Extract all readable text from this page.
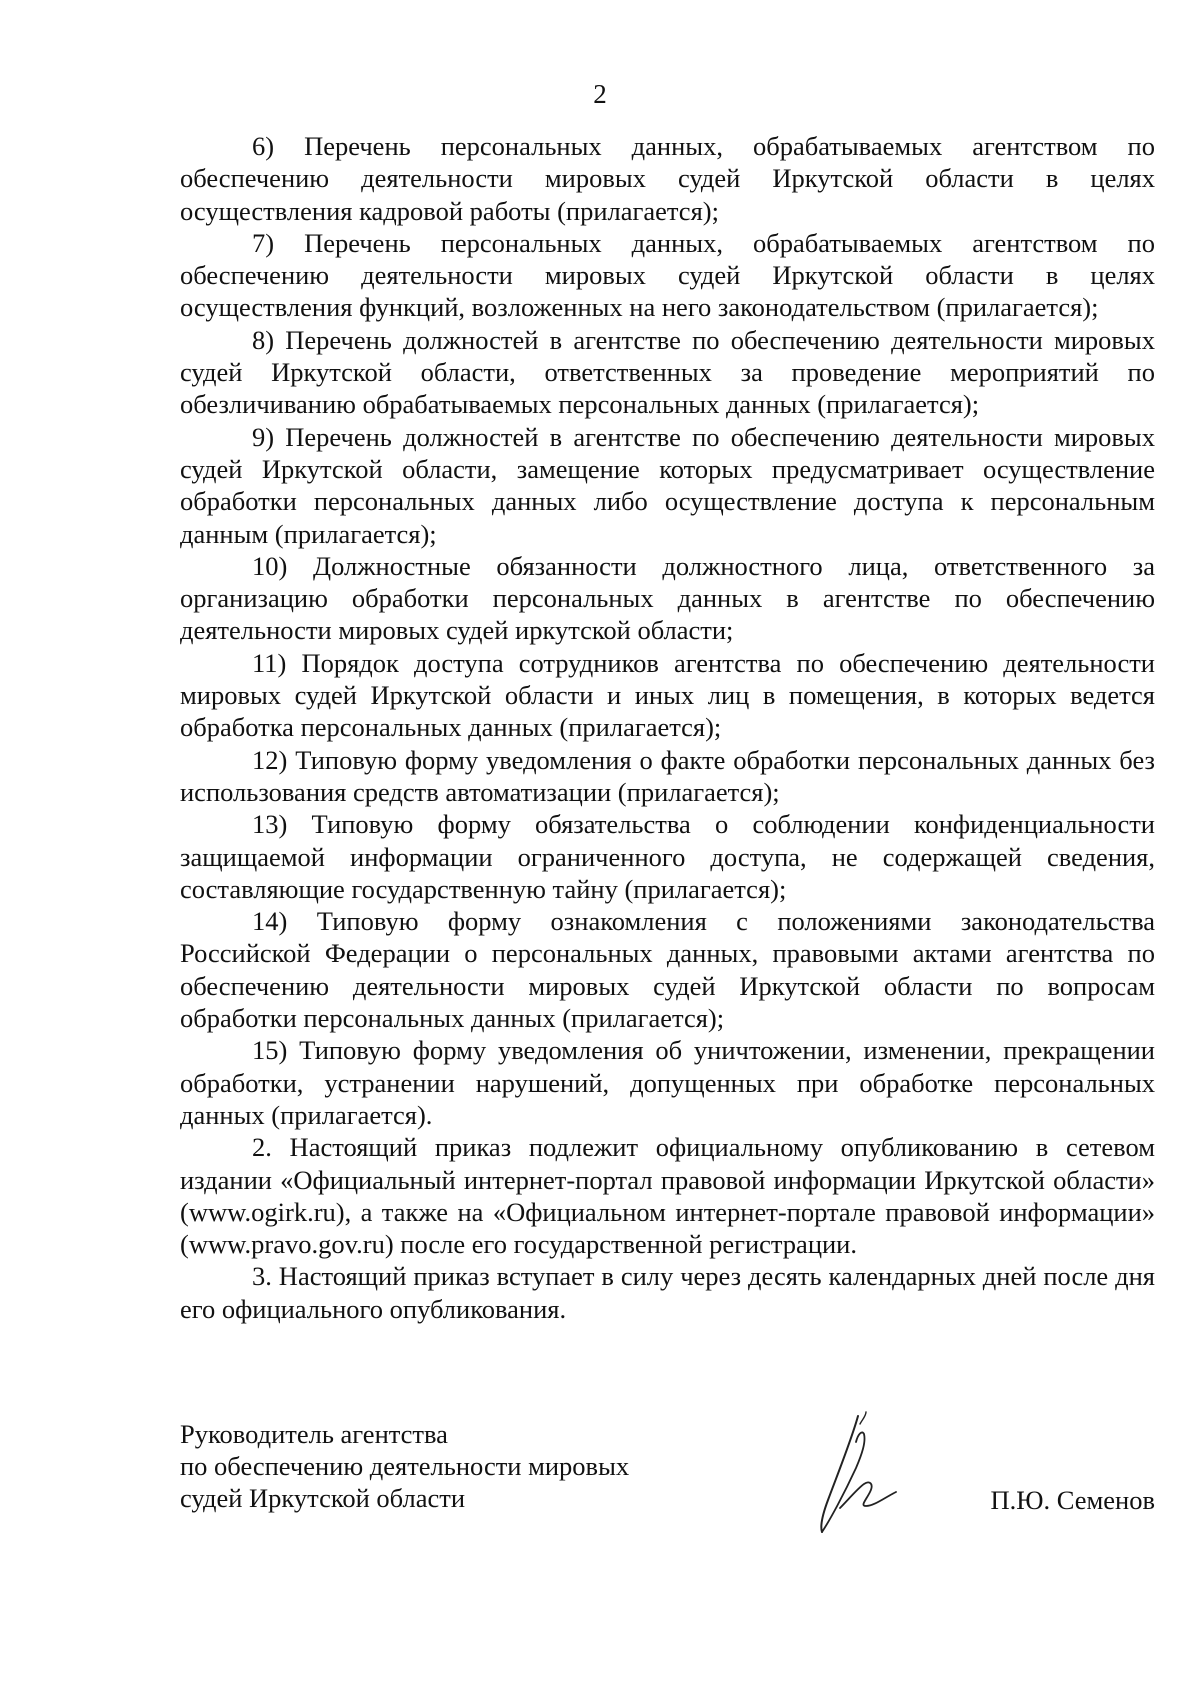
2

6) Перечень персональных данных, обрабатываемых агентством по обеспечению деятельности мировых судей Иркутской области в целях осуществления кадровой работы (прилагается);

7) Перечень персональных данных, обрабатываемых агентством по обеспечению деятельности мировых судей Иркутской области в целях осуществления функций, возложенных на него законодательством (прилагается);

8) Перечень должностей в агентстве по обеспечению деятельности мировых судей Иркутской области, ответственных за проведение мероприятий по обезличиванию обрабатываемых персональных данных (прилагается);

9) Перечень должностей в агентстве по обеспечению деятельности мировых судей Иркутской области, замещение которых предусматривает осуществление обработки персональных данных либо осуществление доступа к персональным данным (прилагается);

10) Должностные обязанности должностного лица, ответственного за организацию обработки персональных данных в агентстве по обеспечению деятельности мировых судей иркутской области;

11) Порядок доступа сотрудников агентства по обеспечению деятельности мировых судей Иркутской области и иных лиц в помещения, в которых ведется обработка персональных данных (прилагается);

12) Типовую форму уведомления о факте обработки персональных данных без использования средств автоматизации (прилагается);

13) Типовую форму обязательства о соблюдении конфиденциальности защищаемой информации ограниченного доступа, не содержащей сведения, составляющие государственную тайну (прилагается);

14) Типовую форму ознакомления с положениями законодательства Российской Федерации о персональных данных, правовыми актами агентства по обеспечению деятельности мировых судей Иркутской области по вопросам обработки персональных данных (прилагается);

15) Типовую форму уведомления об уничтожении, изменении, прекращении обработки, устранении нарушений, допущенных при обработке персональных данных (прилагается).

2. Настоящий приказ подлежит официальному опубликованию в сетевом издании «Официальный интернет-портал правовой информации Иркутской области» (www.ogirk.ru), а также на «Официальном интернет-портале правовой информации» (www.pravo.gov.ru) после его государственной регистрации.

3. Настоящий приказ вступает в силу через десять календарных дней после дня его официального опубликования.

Руководитель агентства
по обеспечению деятельности мировых
судей Иркутской области	П.Ю. Семенов
